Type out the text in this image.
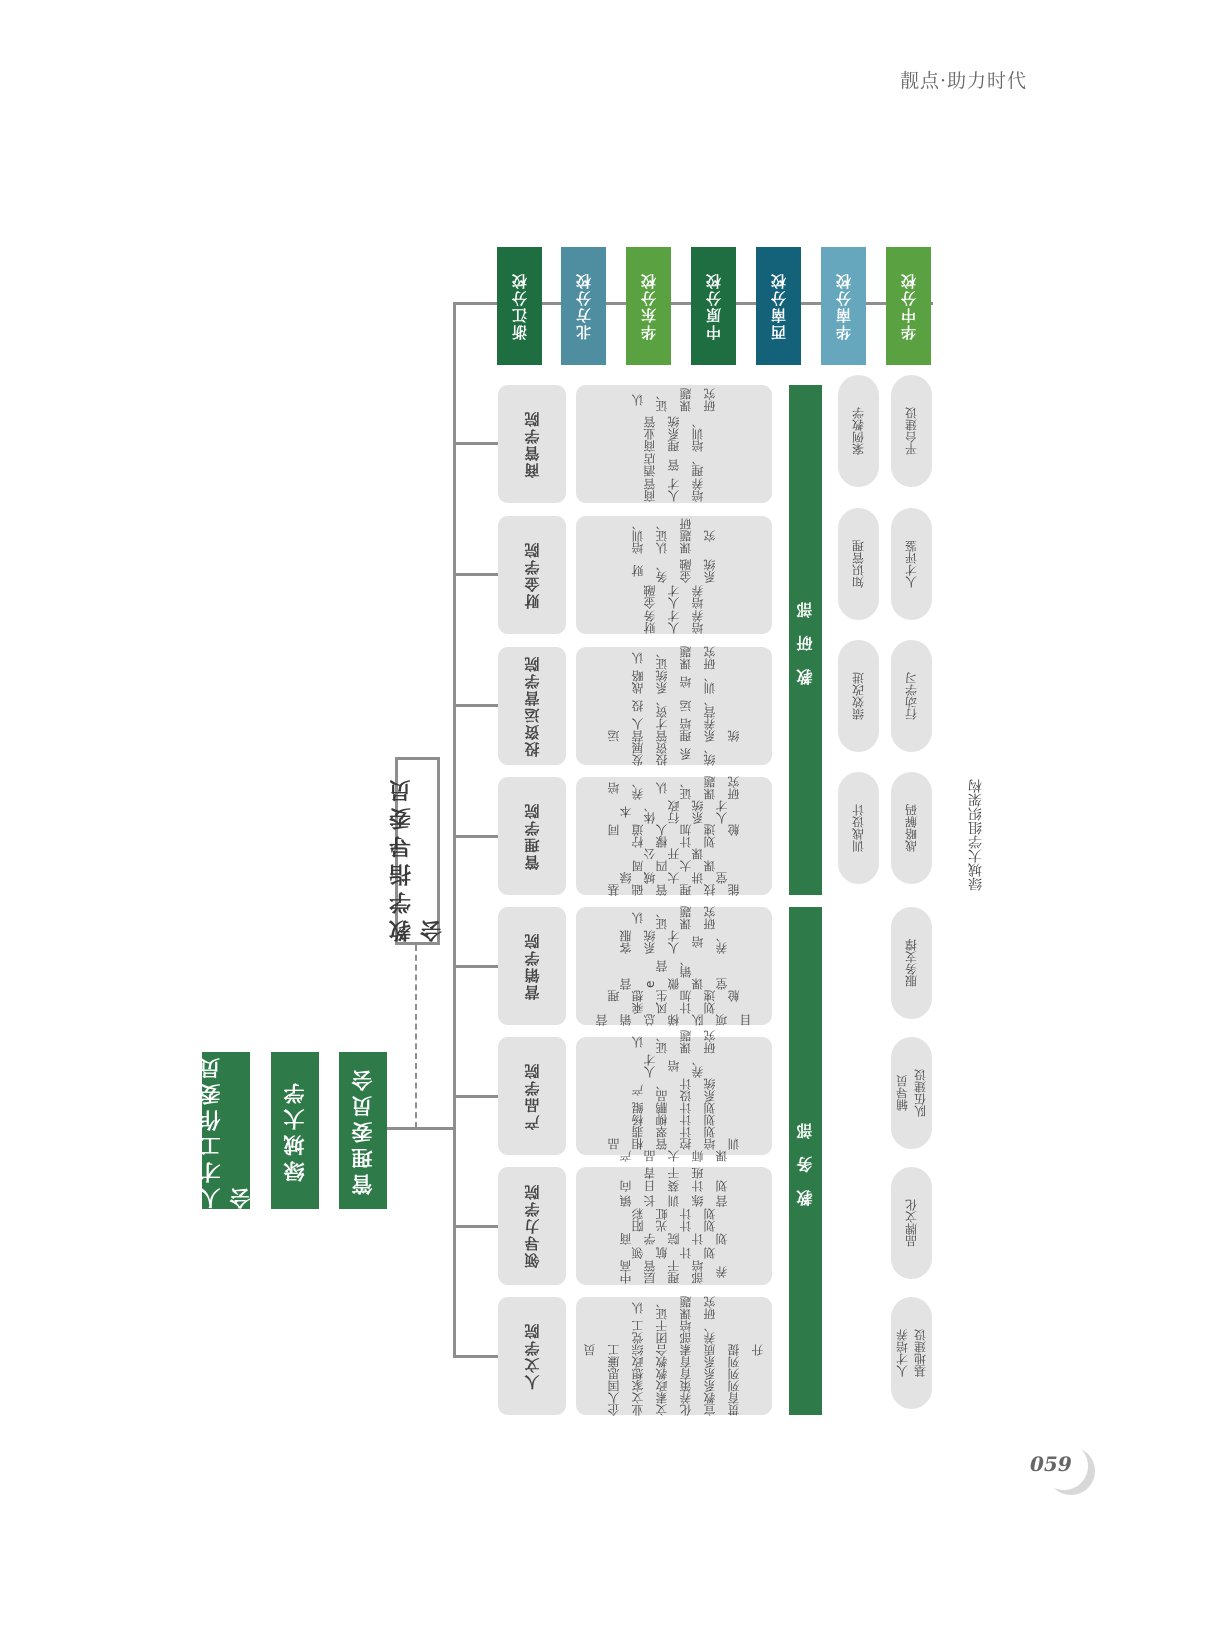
靓点·助力时代
人才工作委员会
绿城大学	管理委员会
教学指导委员会
浙江分校	北方分校	华东分校	中原分校	西南分校	华南分校	华中分校
商管学院
商管人才培养
酒店管理、
商业管理系统培训、
认证、课题研究
财金学院
财务人才培养
金融人才培养
财务、金融系统
培训、认证、课题研究
投资运营学院	发展投资系统、
运营管理系统
人才培养
投资、运营、
战略系统培训、
认证、课题研究
管理学院
基础管理技能
绿城大讲堂
周四大课
公开课
柠檬计划
同道人加速舱
本体、行政系统人才
培养、认证、课题研究
营销学院
营销总梯队项目
乘风计划
理想生加速舱
营 e 微课堂
营销、
客服系统人才培养、
认证、课题研究
产品学院
产品大师课
品相管控培训
翡翠计划
杨柳计划
鲲鹏计划
产品、设计系统
人才培养、
认证、课题研究
领导力学院
中高层管理干部培养
领航计划
商学院计划
阳光计划
彩虹计划
镇长训练营
向日葵计划
青干班
人文学院
企业文化宣贯
人文素养教育
国家政策系列
思想教育系列
廉政教育系列
员工综合素质提升
党工团干部培养、
认证、课题研究
教 研 部
教 务 部
案例教学	平台建设
知识管理	人才评鉴
绩效改进	行动学习
训战设计	战略解码
服务支撑
辅导员
队伍建设
品牌文化
人才培养
基地建设
绿城大学组织架构
059
